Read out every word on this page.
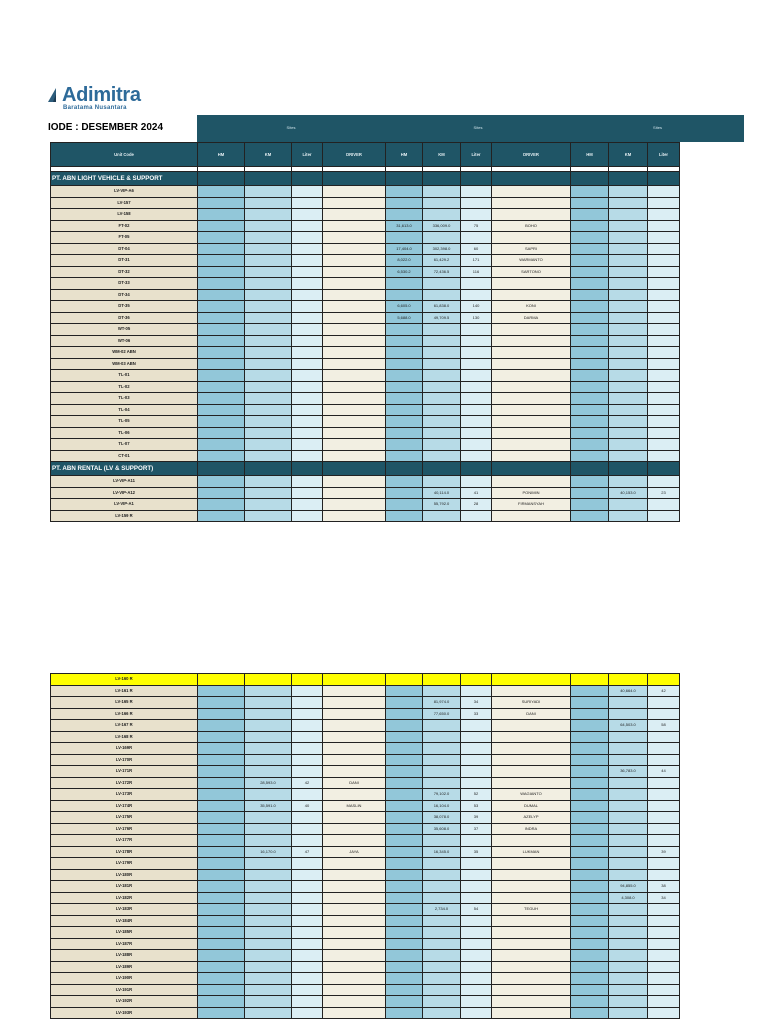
Adimitra
Baratama Nusantara
IODE : DESEMBER 2024	Sites	Sites	Sites
Unit Code	HM	KM	Liter	DRIVER	HM	KM	Liter	DRIVER	HM	KM	Liter

PT. ABN LIGHT VEHICLE & SUPPORT											
LV-VIP-A6											
LV-157											
LV-158											
FT-02					31,613.0	336,009.0	75	BOHO			
FT-05											
DT-04					17,404.0	302,398.0	60	SAPRI			
DT-31					8,022.0	61,429.2	171	WARMANTO			
DT-32					6,530.2	72,436.5	116	SARTONO			
DT-33											
DT-34											
DT-35					6,605.0	61,838.0	140	KONI			
DT-36					5,688.0	49,709.5	130	DARMA			
WT-05											
WT-06											
WM-02 ABN											
WM-03 ABN											
TL-01											
TL-02											
TL-03											
TL-04											
TL-05											
TL-06											
TL-07											
CT-01											
PT. ABN RENTAL (LV & SUPPORT)											
LV-VIP-A11											
LV-VIP-A12						40,114.0	41	PONIMIN		40,153.0	23
LV-VIP-A1						55,792.0	28	FIRMANSYAH			
LV-159 R											
LV-160 R											
LV-161 R										40,664.0	42
LV-165 R						81,974.0	34	SURIYADI			
LV-166 R						77,650.0	33	DANI			
LV-167 R										64,503.0	58
LV-168 R											
LV-169R											
LV-170R											
LV-171R										36,783.0	44
LV-172R		28,593.0	42	DANI							
LV-173R						79,102.0	52	WAGIANTO			
LV-174R		35,591.0	40	MASLIN		16,104.0	53	DUMAL			
LV-175R						38,078.0	39	AZELYP			
LV-176R						35,608.0	37	INDRA			
LV-177R											
LV-178R		16,170.0	47	JAYA		16,345.0	35	LUKMAN			39
LV-179R											
LV-180R											
LV-181R										94,855.0	38
LV-182R										4,308.0	34
LV-183R						2,734.0	54	TEGUH			
LV-184R											
LV-185R											
LV-187R											
LV-188R											
LV-189R											
LV-190R											
LV-191R											
LV-192R											
LV-193R											
